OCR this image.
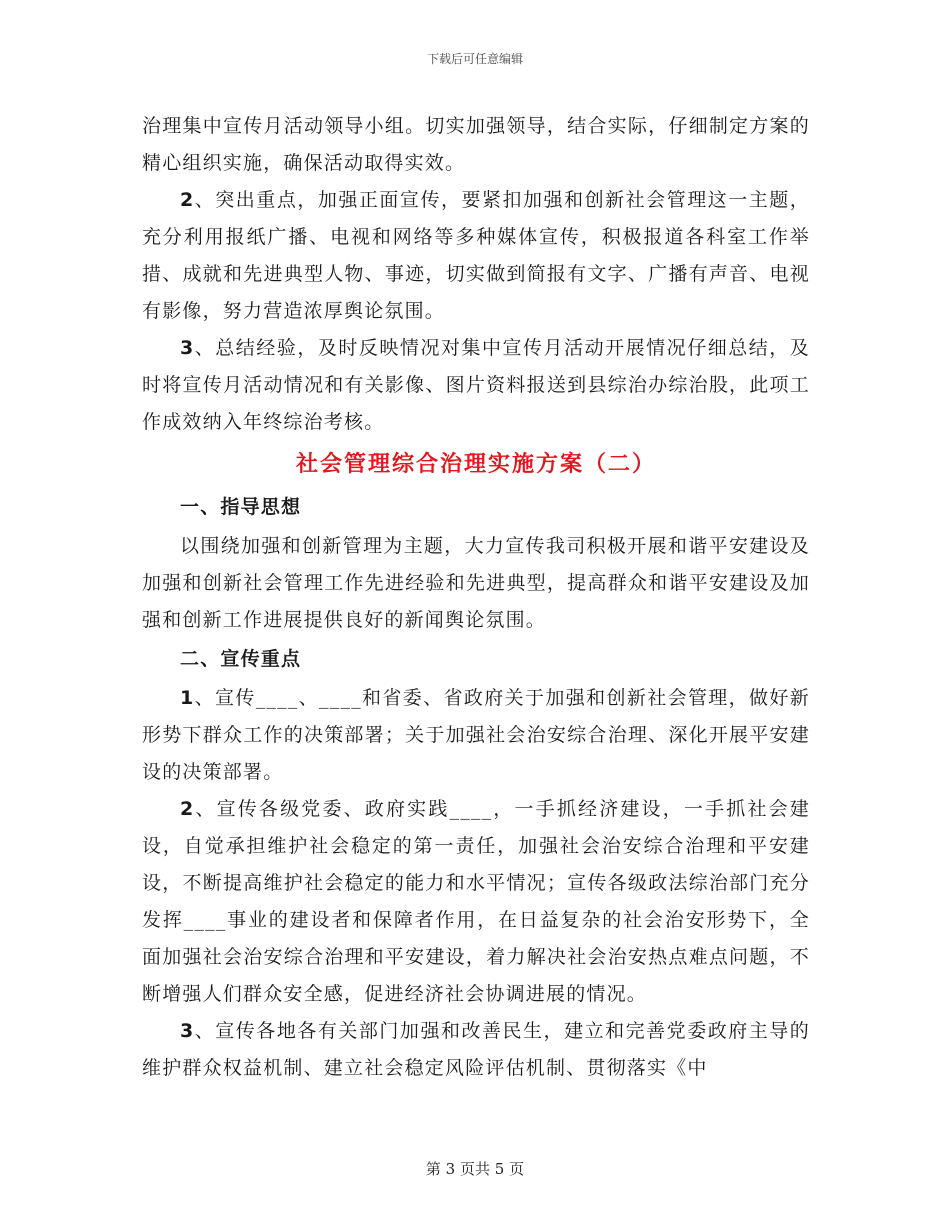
下载后可任意编辑

治理集中宣传月活动领导小组。切实加强领导，结合实际，仔细制定方案的精心组织实施，确保活动取得实效。

2、突出重点，加强正面宣传，要紧扣加强和创新社会管理这一主题，充分利用报纸广播、电视和网络等多种媒体宣传，积极报道各科室工作举措、成就和先进典型人物、事迹，切实做到简报有文字、广播有声音、电视有影像，努力营造浓厚舆论氛围。

3、总结经验，及时反映情况对集中宣传月活动开展情况仔细总结，及时将宣传月活动情况和有关影像、图片资料报送到县综治办综治股，此项工作成效纳入年终综治考核。

社会管理综合治理实施方案（二）

一、指导思想

以围绕加强和创新管理为主题，大力宣传我司积极开展和谐平安建设及加强和创新社会管理工作先进经验和先进典型，提高群众和谐平安建设及加强和创新工作进展提供良好的新闻舆论氛围。

二、宣传重点

1、宣传____、____和省委、省政府关于加强和创新社会管理，做好新形势下群众工作的决策部署；关于加强社会治安综合治理、深化开展平安建设的决策部署。

2、宣传各级党委、政府实践____，一手抓经济建设，一手抓社会建设，自觉承担维护社会稳定的第一责任，加强社会治安综合治理和平安建设，不断提高维护社会稳定的能力和水平情况；宣传各级政法综治部门充分发挥____事业的建设者和保障者作用，在日益复杂的社会治安形势下，全面加强社会治安综合治理和平安建设，着力解决社会治安热点难点问题，不断增强人们群众安全感，促进经济社会协调进展的情况。

3、宣传各地各有关部门加强和改善民生，建立和完善党委政府主导的维护群众权益机制、建立社会稳定风险评估机制、贯彻落实《中

第 3 页共 5 页
